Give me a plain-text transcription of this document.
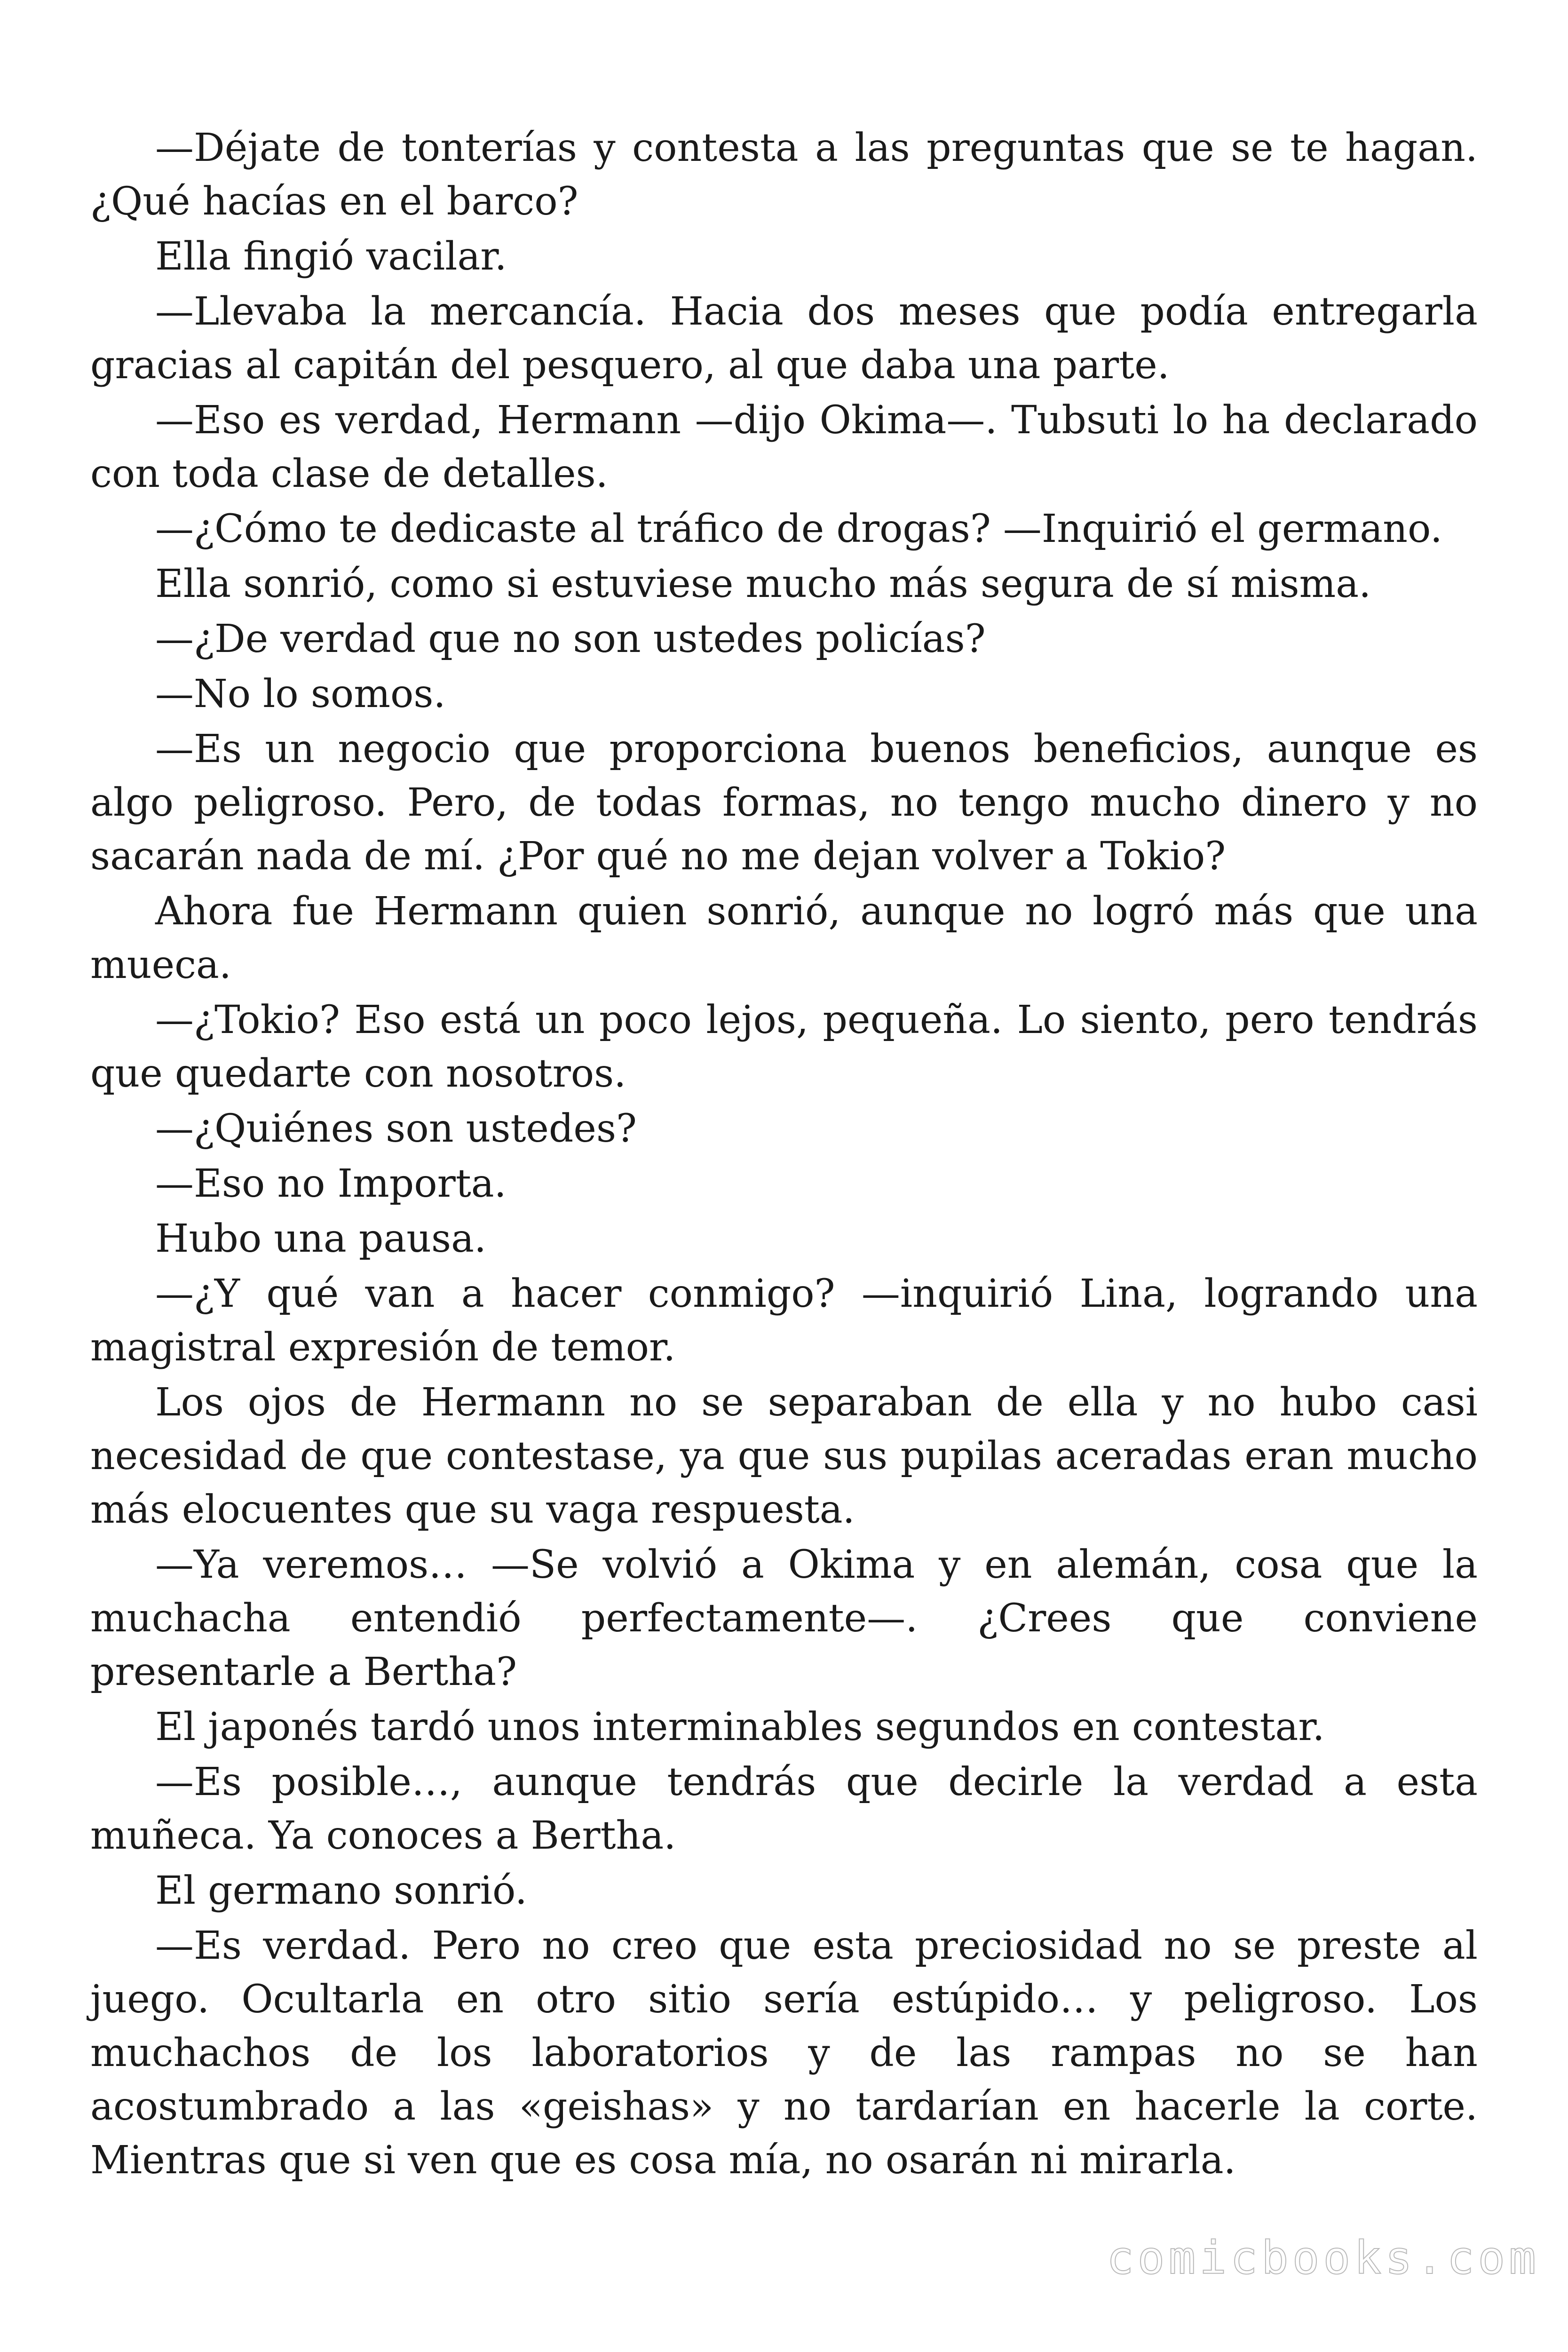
—Déjate de tonterías y contesta a las preguntas que se te hagan. ¿Qué hacías en el barco?

Ella fingió vacilar.

—Llevaba la mercancía. Hacia dos meses que podía entregarla gracias al capitán del pesquero, al que daba una parte.

—Eso es verdad, Hermann —dijo Okima—. Tubsuti lo ha declarado con toda clase de detalles.

—¿Cómo te dedicaste al tráfico de drogas? —Inquirió el germano.

Ella sonrió, como si estuviese mucho más segura de sí misma.

—¿De verdad que no son ustedes policías?

—No lo somos.

—Es un negocio que proporciona buenos beneficios, aunque es algo peligroso. Pero, de todas formas, no tengo mucho dinero y no sacarán nada de mí. ¿Por qué no me dejan volver a Tokio?

Ahora fue Hermann quien sonrió, aunque no logró más que una mueca.

—¿Tokio? Eso está un poco lejos, pequeña. Lo siento, pero tendrás que quedarte con nosotros.

—¿Quiénes son ustedes?

—Eso no Importa.

Hubo una pausa.

—¿Y qué van a hacer conmigo? —inquirió Lina, logrando una magistral expresión de temor.

Los ojos de Hermann no se separaban de ella y no hubo casi necesidad de que contestase, ya que sus pupilas aceradas eran mucho más elocuentes que su vaga respuesta.

—Ya veremos… —Se volvió a Okima y en alemán, cosa que la muchacha entendió perfectamente—. ¿Crees que conviene presentarle a Bertha?

El japonés tardó unos interminables segundos en contestar.

—Es posible…, aunque tendrás que decirle la verdad a esta muñeca. Ya conoces a Bertha.

El germano sonrió.

—Es verdad. Pero no creo que esta preciosidad no se preste al juego. Ocultarla en otro sitio sería estúpido… y peligroso. Los muchachos de los laboratorios y de las rampas no se han acostumbrado a las «geishas» y no tardarían en hacerle la corte. Mientras que si ven que es cosa mía, no osarán ni mirarla.

comicbooks.com
